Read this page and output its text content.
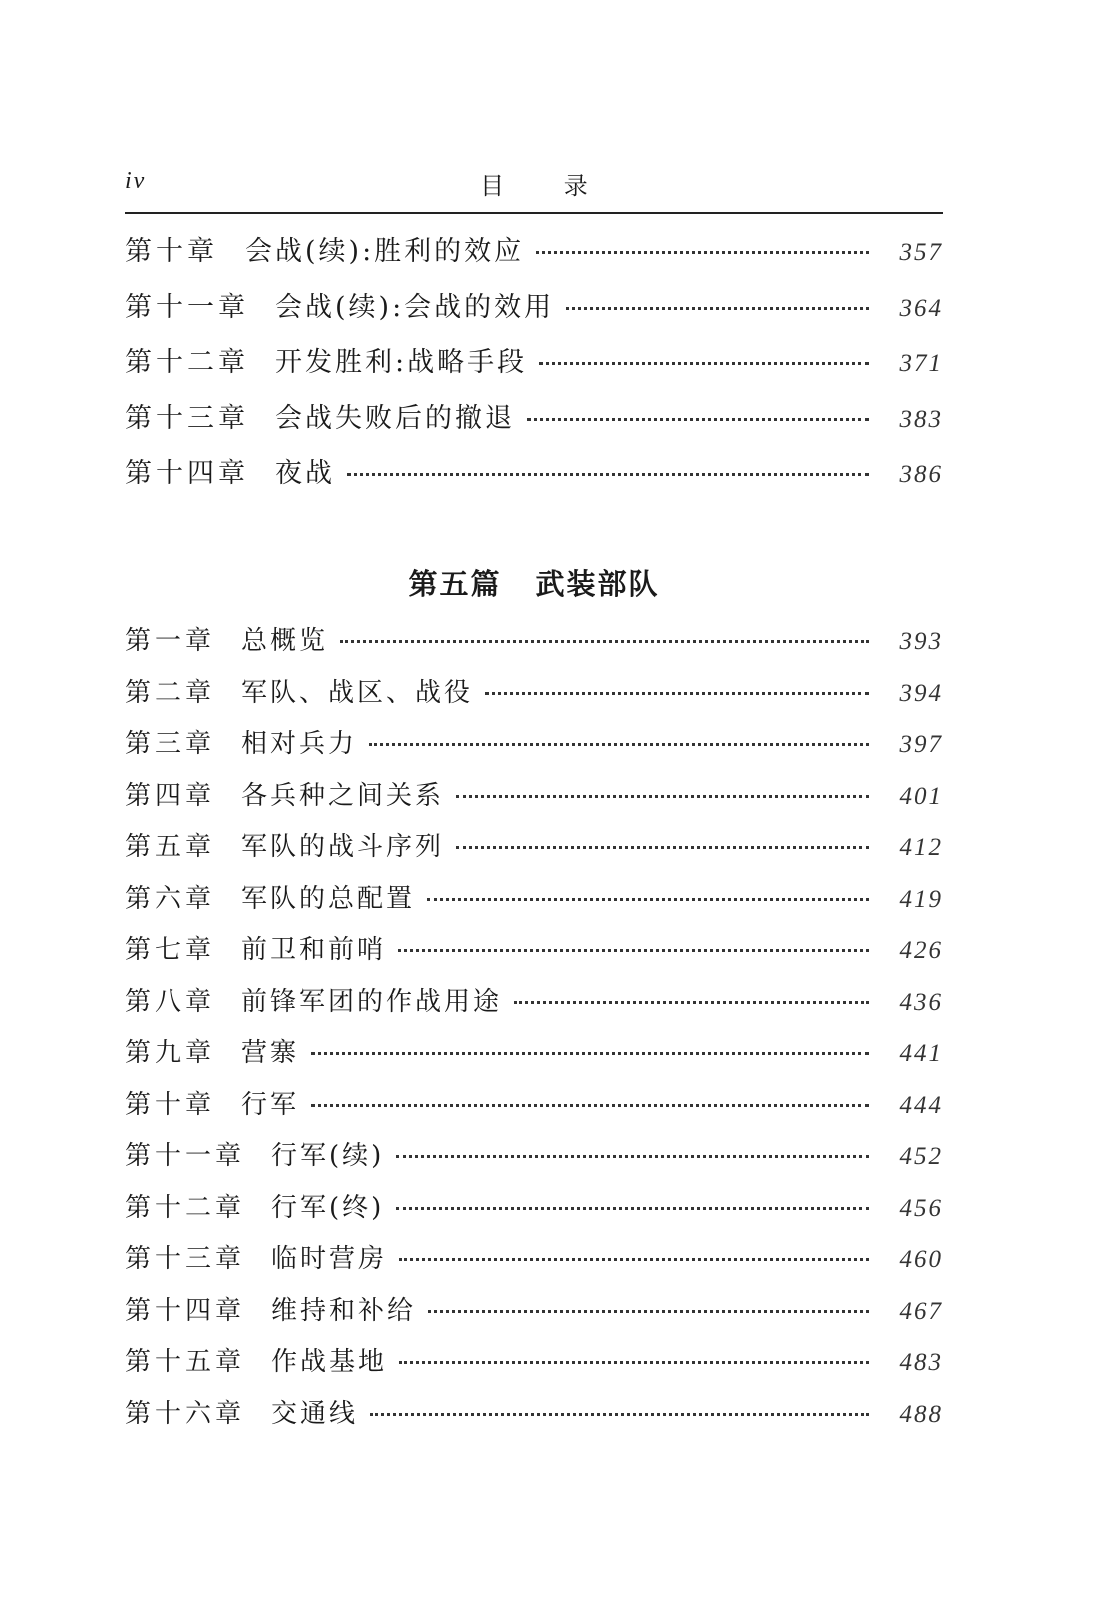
iv	目 录
第十章	会战(续):胜利的效应	357
第十一章 会战(续):会战的效用	364
第十二章 开发胜利:战略手段	371
第十三章 会战失败后的撤退	383
第十四章 夜战	386
第五篇 武装部队
第一章 总概览	393
第二章 军队、战区、战役	394
第三章 相对兵力	397
第四章 各兵种之间关系	401
第五章 军队的战斗序列	412
第六章 军队的总配置	419
第七章 前卫和前哨	426
第八章 前锋军团的作战用途	436
第九章 营寨	441
第十章 行军	444
第十一章 行军(续)	452
第十二章 行军(终)	456
第十三章 临时营房	460
第十四章 维持和补给	467
第十五章 作战基地	483
第十六章 交通线	488
